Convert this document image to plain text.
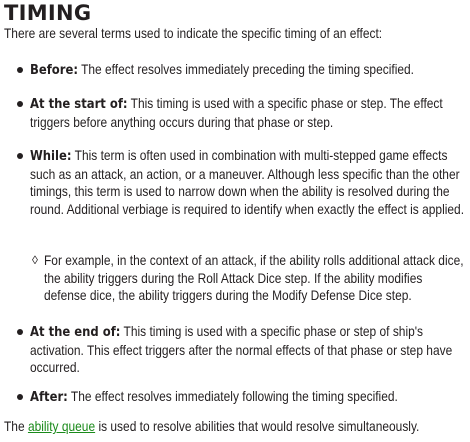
TIMING

There are several terms used to indicate the specific timing of an effect:

Before: The effect resolves immediately preceding the timing specified.
At the start of: This timing is used with a specific phase or step. The effect triggers before anything occurs during that phase or step.
While: This term is often used in combination with multi-stepped game effects such as an attack, an action, or a maneuver. Although less specific than the other timings, this term is used to narrow down when the ability is resolved during the round. Additional verbiage is required to identify when exactly the effect is applied.
◊ For example, in the context of an attack, if the ability rolls additional attack dice, the ability triggers during the Roll Attack Dice step. If the ability modifies defense dice, the ability triggers during the Modify Defense Dice step.
At the end of: This timing is used with a specific phase or step of ship's activation. This effect triggers after the normal effects of that phase or step have occurred.
After: The effect resolves immediately following the timing specified.

The ability queue is used to resolve abilities that would resolve simultaneously.
